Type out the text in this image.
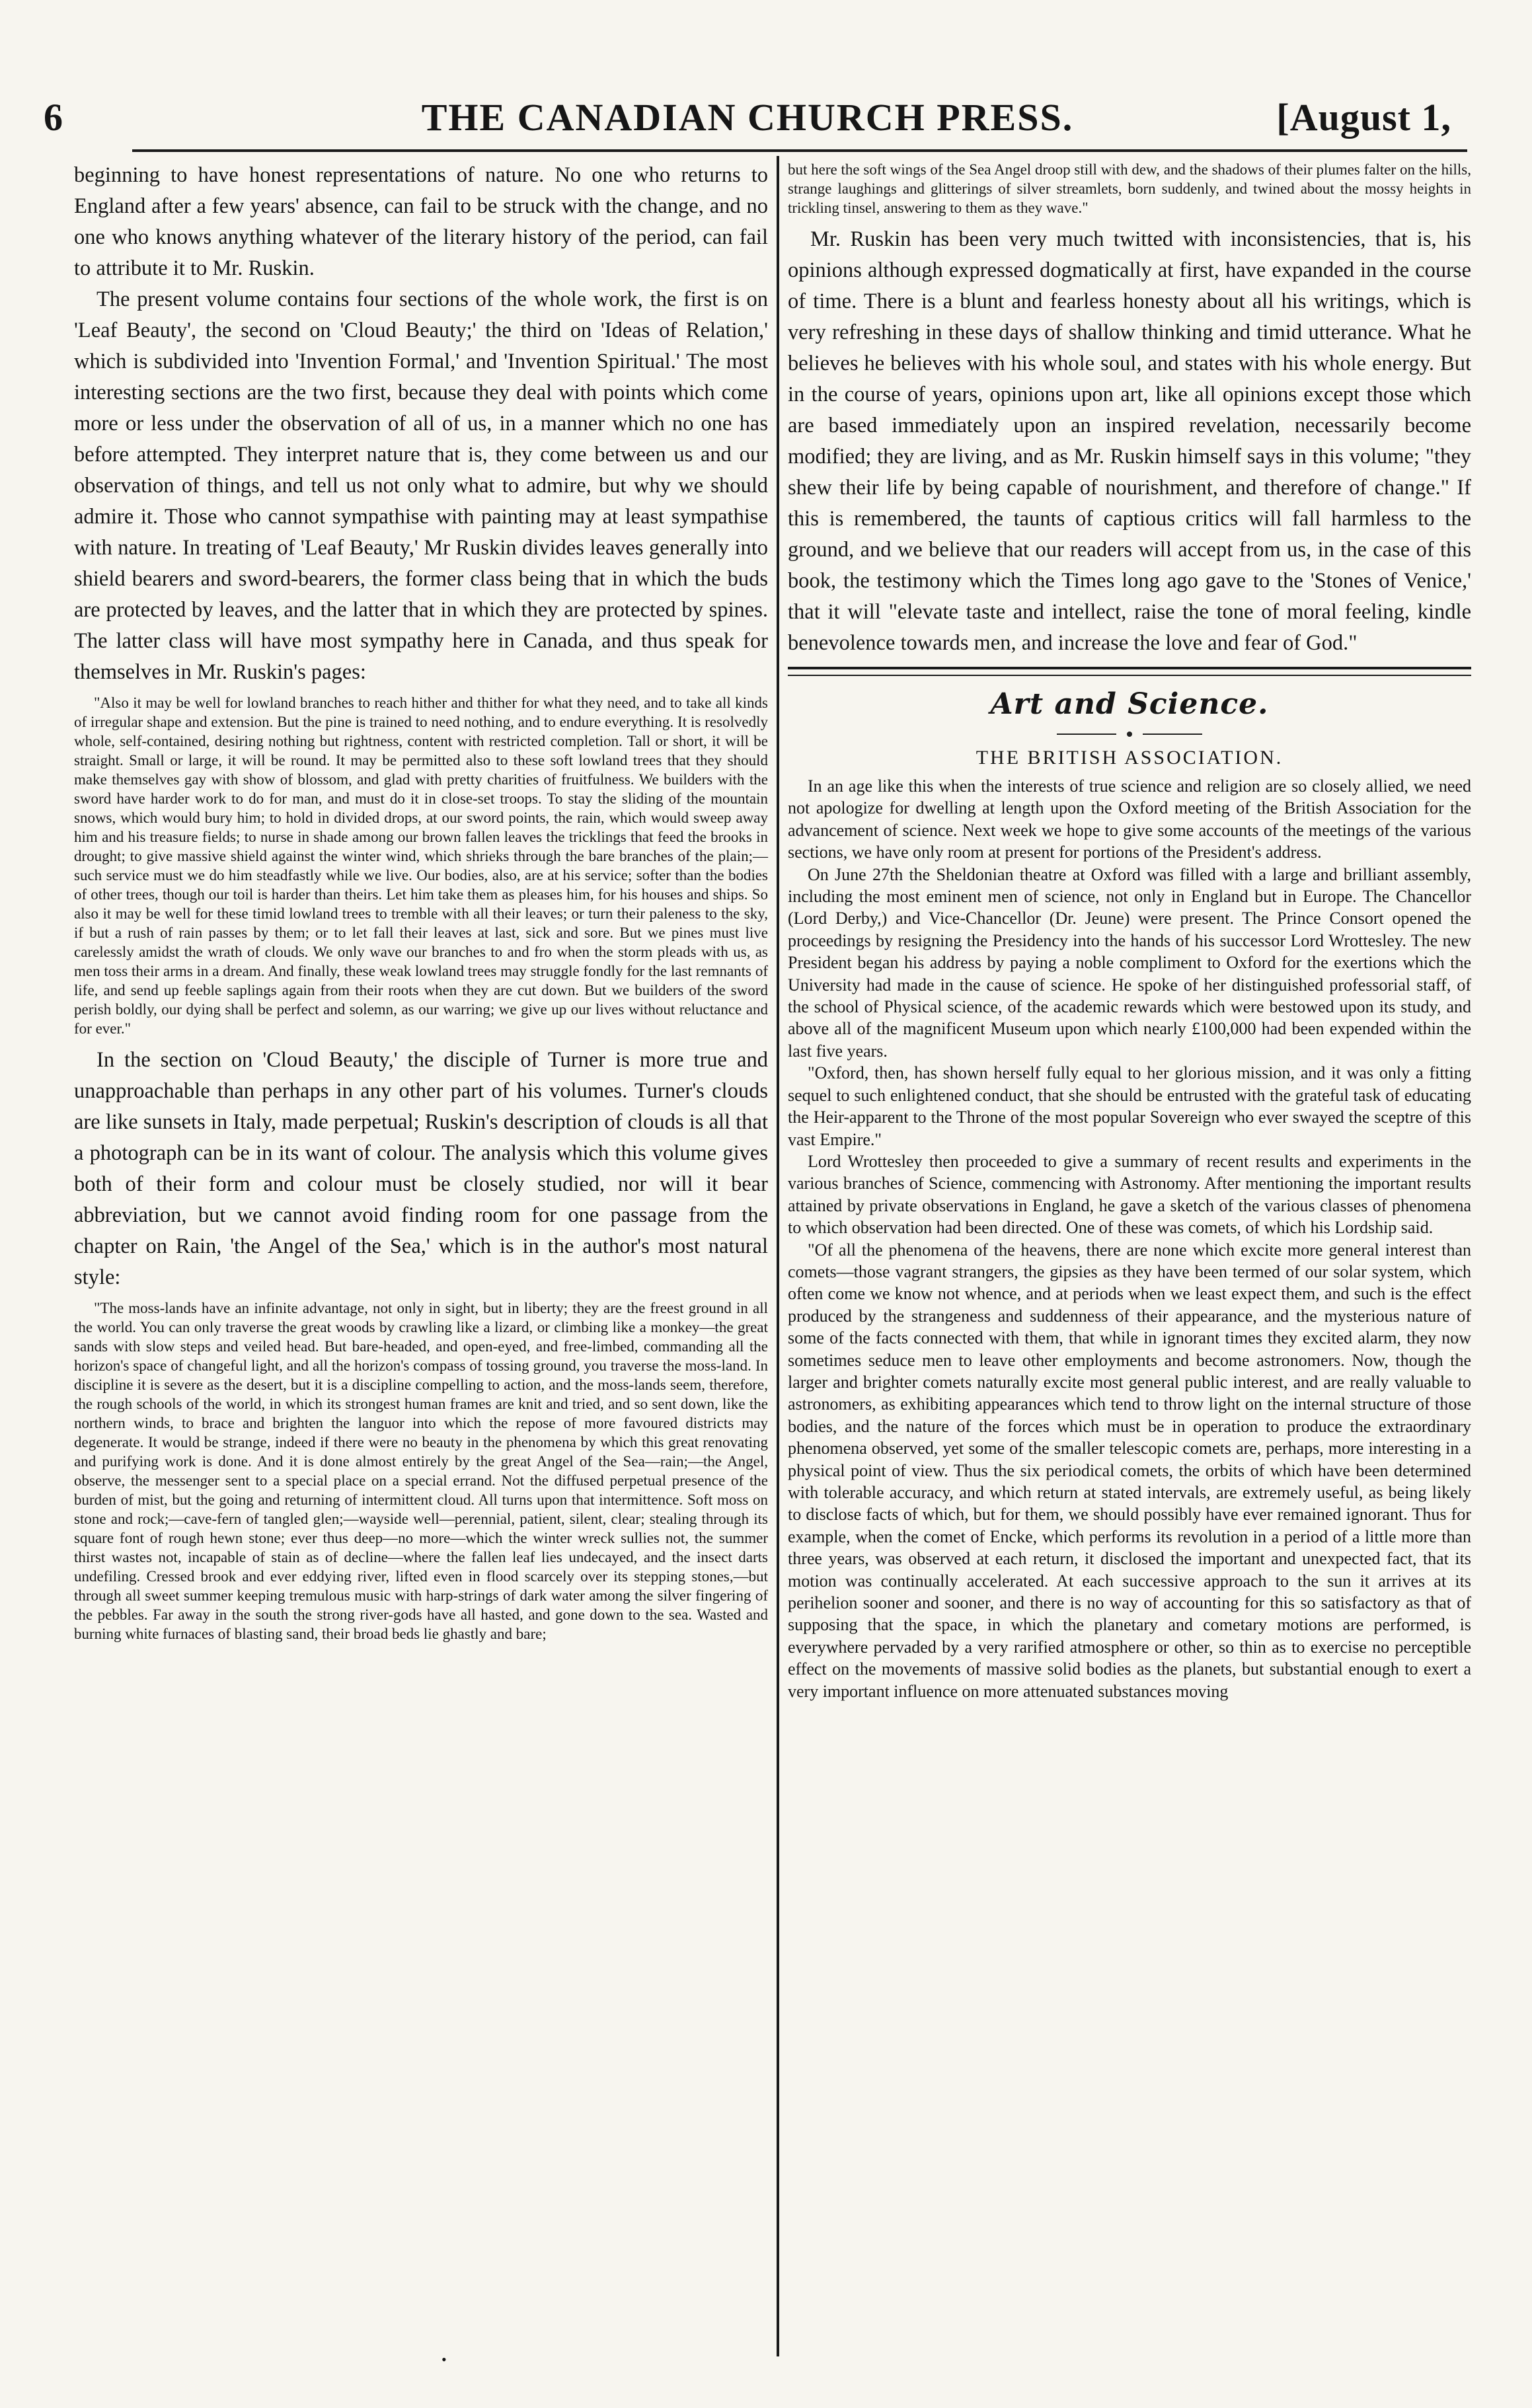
6	THE CANADIAN CHURCH PRESS.	[August 1,

beginning to have honest representations of nature. No one who returns to England after a few years' absence, can fail to be struck with the change, and no one who knows anything whatever of the literary history of the period, can fail to attribute it to Mr. Ruskin.

The present volume contains four sections of the whole work, the first is on 'Leaf Beauty', the second on 'Cloud Beauty;' the third on 'Ideas of Relation,' which is subdivided into 'Invention Formal,' and 'Invention Spiritual.' The most interesting sections are the two first, because they deal with points which come more or less under the observation of all of us, in a manner which no one has before attempted. They interpret nature that is, they come between us and our observation of things, and tell us not only what to admire, but why we should admire it. Those who cannot sympathise with painting may at least sympathise with nature. In treating of 'Leaf Beauty,' Mr Ruskin divides leaves generally into shield bearers and sword-bearers, the former class being that in which the buds are protected by leaves, and the latter that in which they are protected by spines. The latter class will have most sympathy here in Canada, and thus speak for themselves in Mr. Ruskin's pages:

"Also it may be well for lowland branches to reach hither and thither for what they need, and to take all kinds of irregular shape and extension. But the pine is trained to need nothing, and to endure everything. It is resolvedly whole, self-contained, desiring nothing but rightness, content with restricted completion. Tall or short, it will be straight. Small or large, it will be round. It may be permitted also to these soft lowland trees that they should make themselves gay with show of blossom, and glad with pretty charities of fruitfulness. We builders with the sword have harder work to do for man, and must do it in close-set troops. To stay the sliding of the mountain snows, which would bury him; to hold in divided drops, at our sword points, the rain, which would sweep away him and his treasure fields; to nurse in shade among our brown fallen leaves the tricklings that feed the brooks in drought; to give massive shield against the winter wind, which shrieks through the bare branches of the plain;—such service must we do him steadfastly while we live. Our bodies, also, are at his service; softer than the bodies of other trees, though our toil is harder than theirs. Let him take them as pleases him, for his houses and ships. So also it may be well for these timid lowland trees to tremble with all their leaves; or turn their paleness to the sky, if but a rush of rain passes by them; or to let fall their leaves at last, sick and sore. But we pines must live carelessly amidst the wrath of clouds. We only wave our branches to and fro when the storm pleads with us, as men toss their arms in a dream. And finally, these weak lowland trees may struggle fondly for the last remnants of life, and send up feeble saplings again from their roots when they are cut down. But we builders of the sword perish boldly, our dying shall be perfect and solemn, as our warring; we give up our lives without reluctance and for ever."

In the section on 'Cloud Beauty,' the disciple of Turner is more true and unapproachable than perhaps in any other part of his volumes. Turner's clouds are like sunsets in Italy, made perpetual; Ruskin's description of clouds is all that a photograph can be in its want of colour. The analysis which this volume gives both of their form and colour must be closely studied, nor will it bear abbreviation, but we cannot avoid finding room for one passage from the chapter on Rain, 'the Angel of the Sea,' which is in the author's most natural style:

"The moss-lands have an infinite advantage, not only in sight, but in liberty; they are the freest ground in all the world. You can only traverse the great woods by crawling like a lizard, or climbing like a monkey—the great sands with slow steps and veiled head. But bare-headed, and open-eyed, and free-limbed, commanding all the horizon's space of changeful light, and all the horizon's compass of tossing ground, you traverse the moss-land. In discipline it is severe as the desert, but it is a discipline compelling to action, and the moss-lands seem, therefore, the rough schools of the world, in which its strongest human frames are knit and tried, and so sent down, like the northern winds, to brace and brighten the languor into which the repose of more favoured districts may degenerate. It would be strange, indeed if there were no beauty in the phenomena by which this great renovating and purifying work is done. And it is done almost entirely by the great Angel of the Sea—rain;—the Angel, observe, the messenger sent to a special place on a special errand. Not the diffused perpetual presence of the burden of mist, but the going and returning of intermittent cloud. All turns upon that intermittence. Soft moss on stone and rock;—cave-fern of tangled glen;—wayside well—perennial, patient, silent, clear; stealing through its square font of rough hewn stone; ever thus deep—no more—which the winter wreck sullies not, the summer thirst wastes not, incapable of stain as of decline—where the fallen leaf lies undecayed, and the insect darts undefiling. Cressed brook and ever eddying river, lifted even in flood scarcely over its stepping stones,—but through all sweet summer keeping tremulous music with harp-strings of dark water among the silver fingering of the pebbles. Far away in the south the strong river-gods have all hasted, and gone down to the sea. Wasted and burning white furnaces of blasting sand, their broad beds lie ghastly and bare;

but here the soft wings of the Sea Angel droop still with dew, and the shadows of their plumes falter on the hills, strange laughings and glitterings of silver streamlets, born suddenly, and twined about the mossy heights in trickling tinsel, answering to them as they wave."

Mr. Ruskin has been very much twitted with inconsistencies, that is, his opinions although expressed dogmatically at first, have expanded in the course of time. There is a blunt and fearless honesty about all his writings, which is very refreshing in these days of shallow thinking and timid utterance. What he believes he believes with his whole soul, and states with his whole energy. But in the course of years, opinions upon art, like all opinions except those which are based immediately upon an inspired revelation, necessarily become modified; they are living, and as Mr. Ruskin himself says in this volume; "they shew their life by being capable of nourishment, and therefore of change." If this is remembered, the taunts of captious critics will fall harmless to the ground, and we believe that our readers will accept from us, in the case of this book, the testimony which the Times long ago gave to the 'Stones of Venice,' that it will "elevate taste and intellect, raise the tone of moral feeling, kindle benevolence towards men, and increase the love and fear of God."

Art and Science.
THE BRITISH ASSOCIATION.

In an age like this when the interests of true science and religion are so closely allied, we need not apologize for dwelling at length upon the Oxford meeting of the British Association for the advancement of science. Next week we hope to give some accounts of the meetings of the various sections, we have only room at present for portions of the President's address.

On June 27th the Sheldonian theatre at Oxford was filled with a large and brilliant assembly, including the most eminent men of science, not only in England but in Europe. The Chancellor (Lord Derby,) and Vice-Chancellor (Dr. Jeune) were present. The Prince Consort opened the proceedings by resigning the Presidency into the hands of his successor Lord Wrottesley. The new President began his address by paying a noble compliment to Oxford for the exertions which the University had made in the cause of science. He spoke of her distinguished professorial staff, of the school of Physical science, of the academic rewards which were bestowed upon its study, and above all of the magnificent Museum upon which nearly £100,000 had been expended within the last five years.

"Oxford, then, has shown herself fully equal to her glorious mission, and it was only a fitting sequel to such enlightened conduct, that she should be entrusted with the grateful task of educating the Heir-apparent to the Throne of the most popular Sovereign who ever swayed the sceptre of this vast Empire."

Lord Wrottesley then proceeded to give a summary of recent results and experiments in the various branches of Science, commencing with Astronomy. After mentioning the important results attained by private observations in England, he gave a sketch of the various classes of phenomena to which observation had been directed. One of these was comets, of which his Lordship said.

"Of all the phenomena of the heavens, there are none which excite more general interest than comets—those vagrant strangers, the gipsies as they have been termed of our solar system, which often come we know not whence, and at periods when we least expect them, and such is the effect produced by the strangeness and suddenness of their appearance, and the mysterious nature of some of the facts connected with them, that while in ignorant times they excited alarm, they now sometimes seduce men to leave other employments and become astronomers. Now, though the larger and brighter comets naturally excite most general public interest, and are really valuable to astronomers, as exhibiting appearances which tend to throw light on the internal structure of those bodies, and the nature of the forces which must be in operation to produce the extraordinary phenomena observed, yet some of the smaller telescopic comets are, perhaps, more interesting in a physical point of view. Thus the six periodical comets, the orbits of which have been determined with tolerable accuracy, and which return at stated intervals, are extremely useful, as being likely to disclose facts of which, but for them, we should possibly have ever remained ignorant. Thus for example, when the comet of Encke, which performs its revolution in a period of a little more than three years, was observed at each return, it disclosed the important and unexpected fact, that its motion was continually accelerated. At each successive approach to the sun it arrives at its perihelion sooner and sooner, and there is no way of accounting for this so satisfactory as that of supposing that the space, in which the planetary and cometary motions are performed, is everywhere pervaded by a very rarified atmosphere or other, so thin as to exercise no perceptible effect on the movements of massive solid bodies as the planets, but substantial enough to exert a very important influence on more attenuated substances moving

•
